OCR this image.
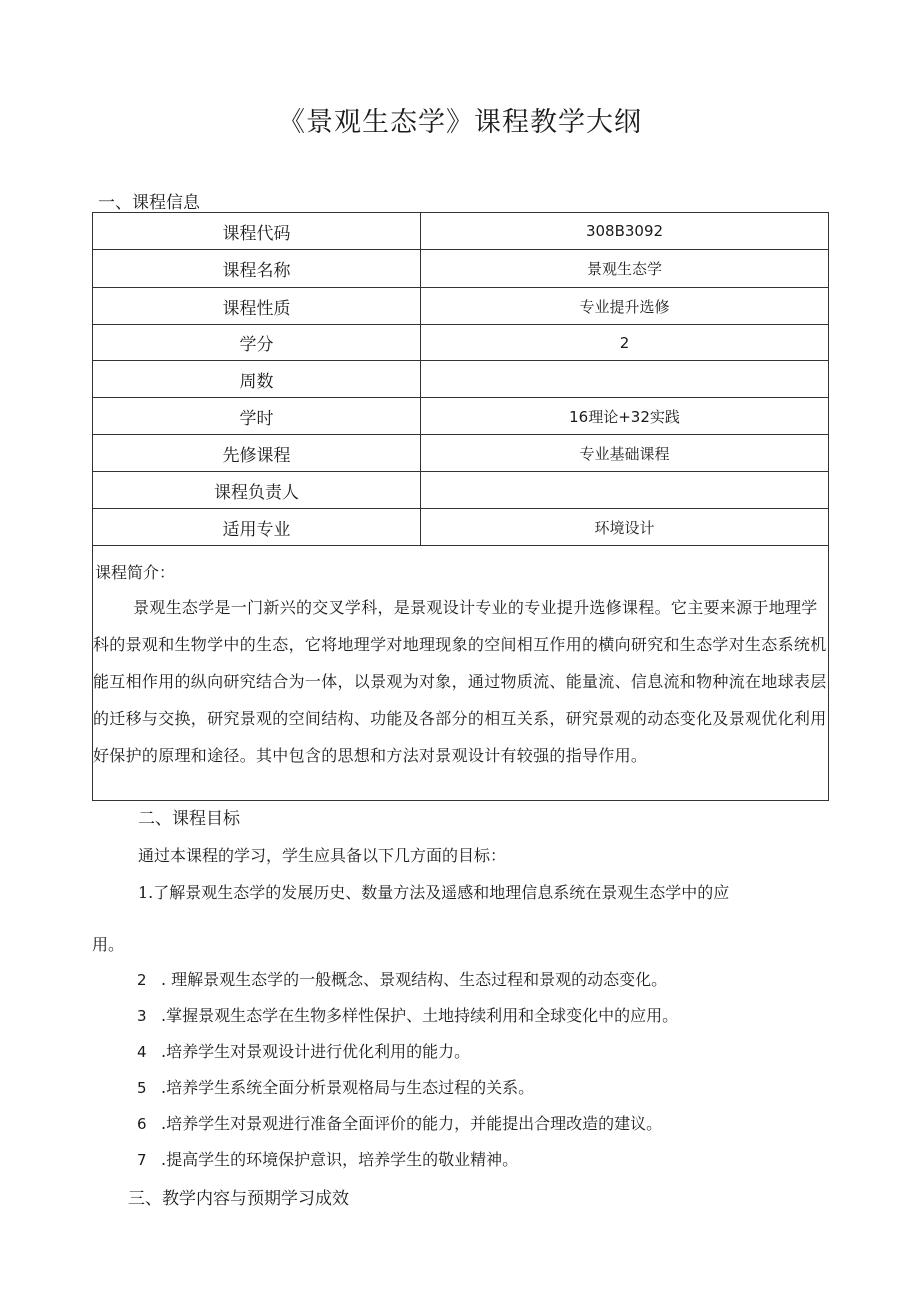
《景观生态学》课程教学大纲
一、课程信息
课程代码	308B3092
课程名称	景观生态学
课程性质	专业提升选修
学分	2
周数	
学时	16理论+32实践
先修课程	专业基础课程
课程负责人	
适用专业	环境设计

课程简介：
景观生态学是一门新兴的交叉学科，是景观设计专业的专业提升选修课程。它主要来源于地理学科的景观和生物学中的生态，它将地理学对地理现象的空间相互作用的横向研究和生态学对生态系统机能互相作用的纵向研究结合为一体，以景观为对象，通过物质流、能量流、信息流和物种流在地球表层的迁移与交换，研究景观的空间结构、功能及各部分的相互关系，研究景观的动态变化及景观优化利用好保护的原理和途径。其中包含的思想和方法对景观设计有较强的指导作用。	
二、课程目标
通过本课程的学习，学生应具备以下几方面的目标：
1.了解景观生态学的发展历史、数量方法及遥感和地理信息系统在景观生态学中的应
用。
2 . 理解景观生态学的一般概念、景观结构、生态过程和景观的动态变化。
3 .掌握景观生态学在生物多样性保护、土地持续利用和全球变化中的应用。
4 .培养学生对景观设计进行优化利用的能力。
5 .培养学生系统全面分析景观格局与生态过程的关系。
6 .培养学生对景观进行准备全面评价的能力，并能提出合理改造的建议。
7 .提高学生的环境保护意识，培养学生的敬业精神。
三、教学内容与预期学习成效
